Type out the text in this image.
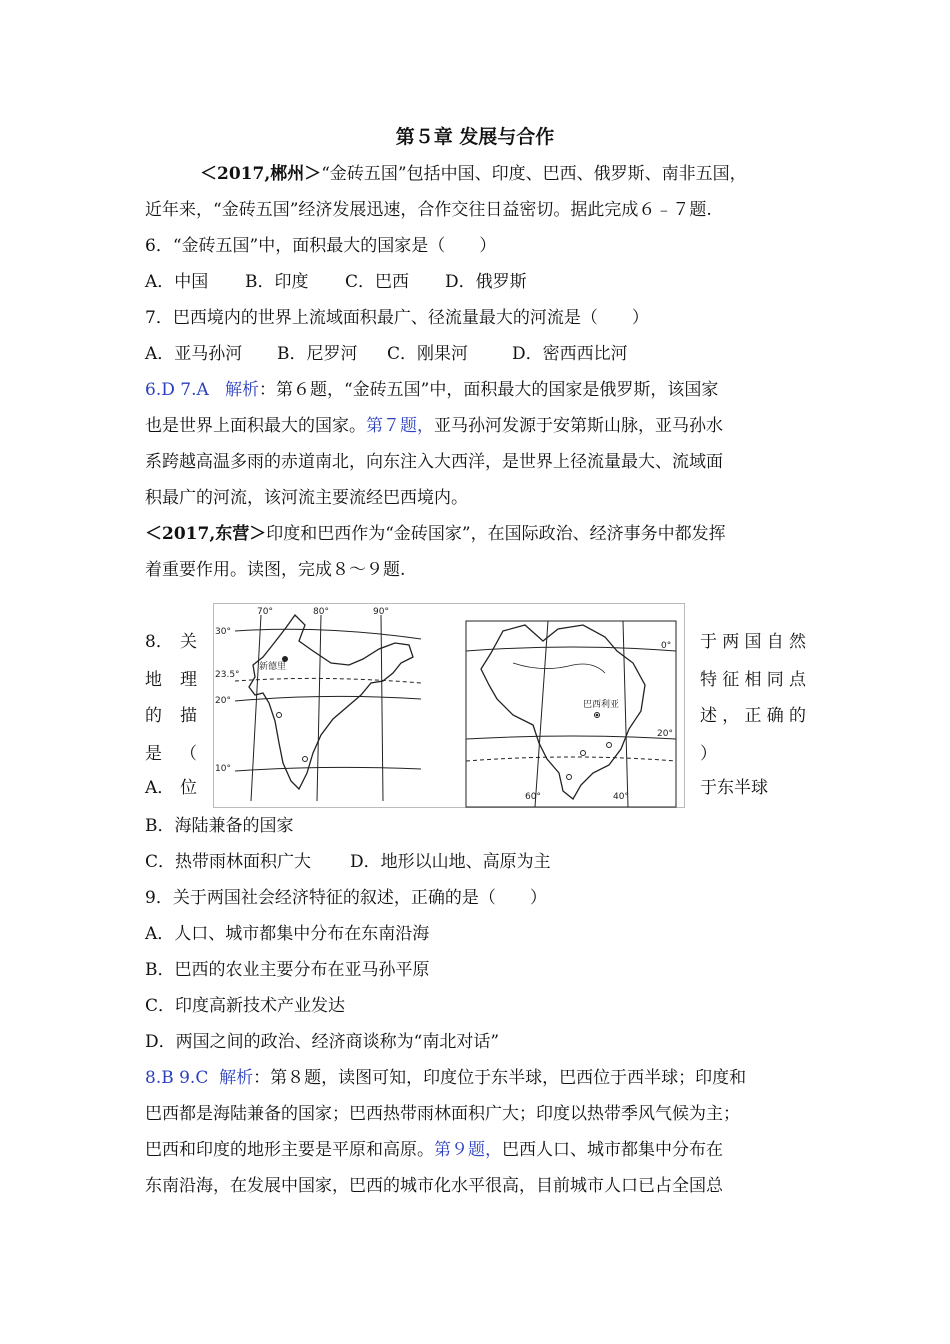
第５章 发展与合作
＜2017,郴州＞“金砖五国”包括中国、印度、巴西、俄罗斯、南非五国，
近年来，“金砖五国”经济发展迅速，合作交往日益密切。据此完成６﹣７题.
6．“金砖五国”中，面积最大的国家是（　　）
A．中国 B．印度 C．巴西 D．俄罗斯
7．巴西境内的世界上流域面积最广、径流量最大的河流是（　　）
A．亚马孙河 B．尼罗河 C．刚果河	D．密西西比河
6.D 7.A 解析：第６题，“金砖五国”中，面积最大的国家是俄罗斯，该国家
也是世界上面积最大的国家。第７题，亚马孙河发源于安第斯山脉，亚马孙水
系跨越高温多雨的赤道南北，向东注入大西洋，是世界上径流量最大、流域面
积最广的河流，该河流主要流经巴西境内。
＜2017,东营＞印度和巴西作为“金砖国家”，在国际政治、经济事务中都发挥
着重要作用。读图，完成８～９题.
8． 关
地 理
的 描
是 （
A． 位
于两国自然
特征相同点
述，正确的
）
于东半球
70°	80°	90°
30°
23.5°
20°
10°
新德里
0°
20°
60°	40°
巴西利亚
B．海陆兼备的国家
C．热带雨林面积广大 D．地形以山地、高原为主
9．关于两国社会经济特征的叙述，正确的是（　　）
A．人口、城市都集中分布在东南沿海
B．巴西的农业主要分布在亚马孙平原
C．印度高新技术产业发达
D．两国之间的政治、经济商谈称为“南北对话”
8.B 9.C 解析：第８题，读图可知，印度位于东半球，巴西位于西半球；印度和
巴西都是海陆兼备的国家；巴西热带雨林面积广大；印度以热带季风气候为主；
巴西和印度的地形主要是平原和高原。第９题，巴西人口、城市都集中分布在
东南沿海，在发展中国家，巴西的城市化水平很高，目前城市人口已占全国总
